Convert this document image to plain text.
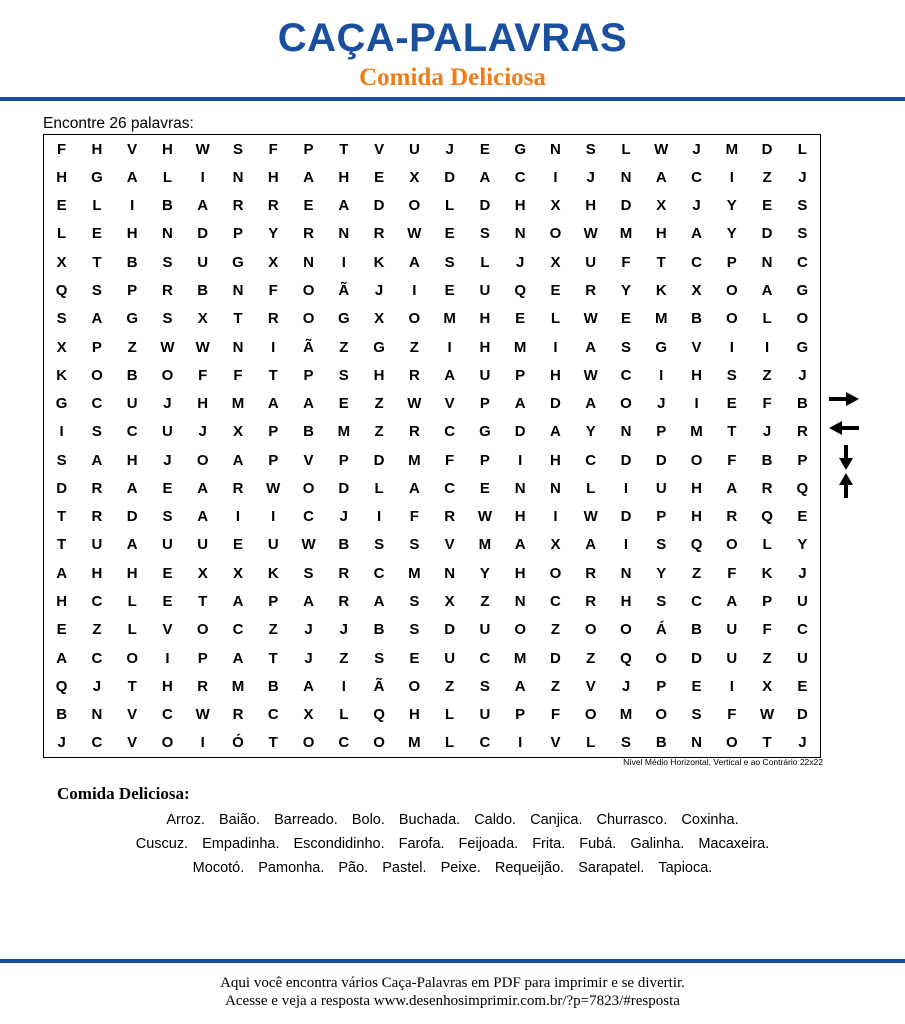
CAÇA-PALAVRAS
Comida Deliciosa
Encontre 26 palavras:
F	H	V	H	W	S	F	P	T	V	U	J	E	G	N	S	L	W	J	M	D	L
H	G	A	L	I	N	H	A	H	E	X	D	A	C	I	J	N	A	C	I	Z	J
E	L	I	B	A	R	R	E	A	D	O	L	D	H	X	H	D	X	J	Y	E	S
L	E	H	N	D	P	Y	R	N	R	W	E	S	N	O	W	M	H	A	Y	D	S
X	T	B	S	U	G	X	N	I	K	A	S	L	J	X	U	F	T	C	P	N	C
Q	S	P	R	B	N	F	O	Ã	J	I	E	U	Q	E	R	Y	K	X	O	A	G
S	A	G	S	X	T	R	O	G	X	O	M	H	E	L	W	E	M	B	O	L	O
X	P	Z	W	W	N	I	Ã	Z	G	Z	I	H	M	I	A	S	G	V	I	I	G
K	O	B	O	F	F	T	P	S	H	R	A	U	P	H	W	C	I	H	S	Z	J
G	C	U	J	H	M	A	A	E	Z	W	V	P	A	D	A	O	J	I	E	F	B
I	S	C	U	J	X	P	B	M	Z	R	C	G	D	A	Y	N	P	M	T	J	R
S	A	H	J	O	A	P	V	P	D	M	F	P	I	H	C	D	D	O	F	B	P
D	R	A	E	A	R	W	O	D	L	A	C	E	N	N	L	I	U	H	A	R	Q
T	R	D	S	A	I	I	C	J	I	F	R	W	H	I	W	D	P	H	R	Q	E
T	U	A	U	U	E	U	W	B	S	S	V	M	A	X	A	I	S	Q	O	L	Y
A	H	H	E	X	X	K	S	R	C	M	N	Y	H	O	R	N	Y	Z	F	K	J
H	C	L	E	T	A	P	A	R	A	S	X	Z	N	C	R	H	S	C	A	P	U
E	Z	L	V	O	C	Z	J	J	B	S	D	U	O	Z	O	O	Á	B	U	F	C
A	C	O	I	P	A	T	J	Z	S	E	U	C	M	D	Z	Q	O	D	U	Z	U
Q	J	T	H	R	M	B	A	I	Ã	O	Z	S	A	Z	V	J	P	E	I	X	E
B	N	V	C	W	R	C	X	L	Q	H	L	U	P	F	O	M	O	S	F	W	D
J	C	V	O	I	Ó	T	O	C	O	M	L	C	I	V	L	S	B	N	O	T	J
Nível Médio Horizontal, Vertical e ao Contrário 22x22
Comida Deliciosa:
Arroz. Baião. Barreado. Bolo. Buchada. Caldo. Canjica. Churrasco. Coxinha.
Cuscuz. Empadinha. Escondidinho. Farofa. Feijoada. Frita. Fubá. Galinha. Macaxeira.
Mocotó. Pamonha. Pão. Pastel. Peixe. Requeijão. Sarapatel. Tapioca.
Aqui você encontra vários Caça-Palavras em PDF para imprimir e se divertir.
Acesse e veja a resposta www.desenhosimprimir.com.br/?p=7823/#resposta
